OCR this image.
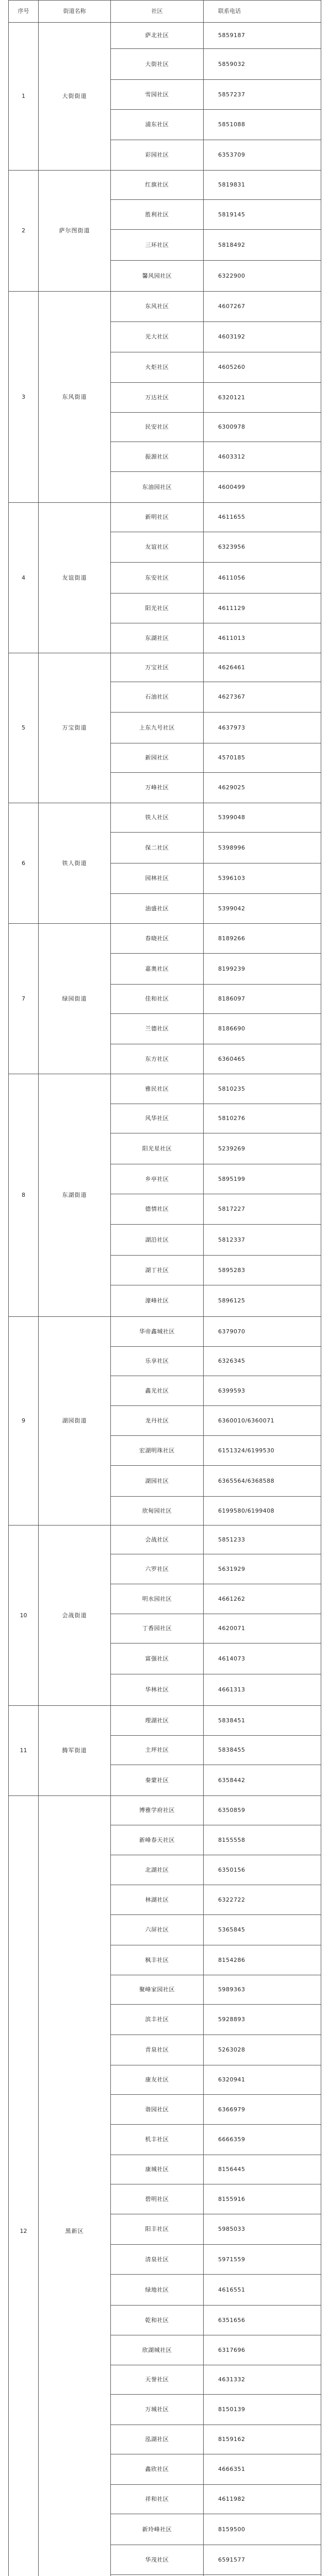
序号	街道名称	社区	联系电话
1	大街街道	萨北社区	5859187
		大街社区	5859032
		雪园社区	5857237
		浦东社区	5851088
		彩园社区	6353709
2	萨尔图街道	红旗社区	5819831
		胜利社区	5819145
		三环社区	5818492
		馨风园社区	6322900
3	东风街道	东风社区	4607267
		光大社区	4603192
		火炬社区	4605260
		万达社区	6320121
		民安社区	6300978
		振源社区	4603312
		东油园社区	4600499
4	友谊街道	新明社区	4611655
		友谊社区	6323956
		东安社区	4611056
		阳光社区	4611129
		东湖社区	4611013
5	万宝街道	万宝社区	4626461
		石油社区	4627367
		上东九号社区	4637973
		新园社区	4570185
		万峰社区	4629025
6	铁人街道	铁人社区	5399048
		保二社区	5398996
		园林社区	5396103
		油盛社区	5399042
7	绿园街道	春晓社区	8189266
		嘉奥社区	8199239
		佳和社区	8186097
		兰德社区	8186690
		东方社区	6360465
8	东湖街道	雅民社区	5810235
		风华社区	5810276
		阳光星社区	5239269
		乡亭社区	5895199
		德情社区	5817227
		湖沿社区	5812337
		湖丁社区	5895283
		濠峰社区	5896125
9	湖园街道	华帝鑫城社区	6379070
		乐享社区	6326345
		鑫光社区	6399593
		龙丹社区	6360010/6360071
		宏湖明珠社区	6151324/6199530
		湖园社区	6365564/6368588
		欣甸园社区	6199580/6199408
10	会战街道	会战社区	5851233
		六罗社区	5631929
		明水园社区	4661262
		丁香园社区	4620071
		富强社区	4614073
		华林社区	4661313
11	腾军街道	理湖社区	5838451
		主坪社区	5838455
		秦蒙社区	6358442
12	黑新区	博雅学府社区	6350859
		新峰春天社区	8155558
		北湖社区	6350156
		林湖社区	6322722
		六屏社区	5365845
		枫丰社区	8154286
		聚峰家园社区	5989363
		滨丰社区	5928893
		青泉社区	5263028
		康友社区	6320941
		谐园社区	6366979
		机丰社区	6666359
		康城社区	8156445
		碧明社区	8155916
		阳丰社区	5985033
		清泉社区	5971559
		绿地社区	4616551
		乾和社区	6351656
		欣湖城社区	6317696
		天誉社区	4631332
		万城社区	8150139
		泓湖社区	8159162
		鑫欣社区	4666351
		祥和社区	4611982
		新玲峰社区	8159500
		华茂社区	6591577
